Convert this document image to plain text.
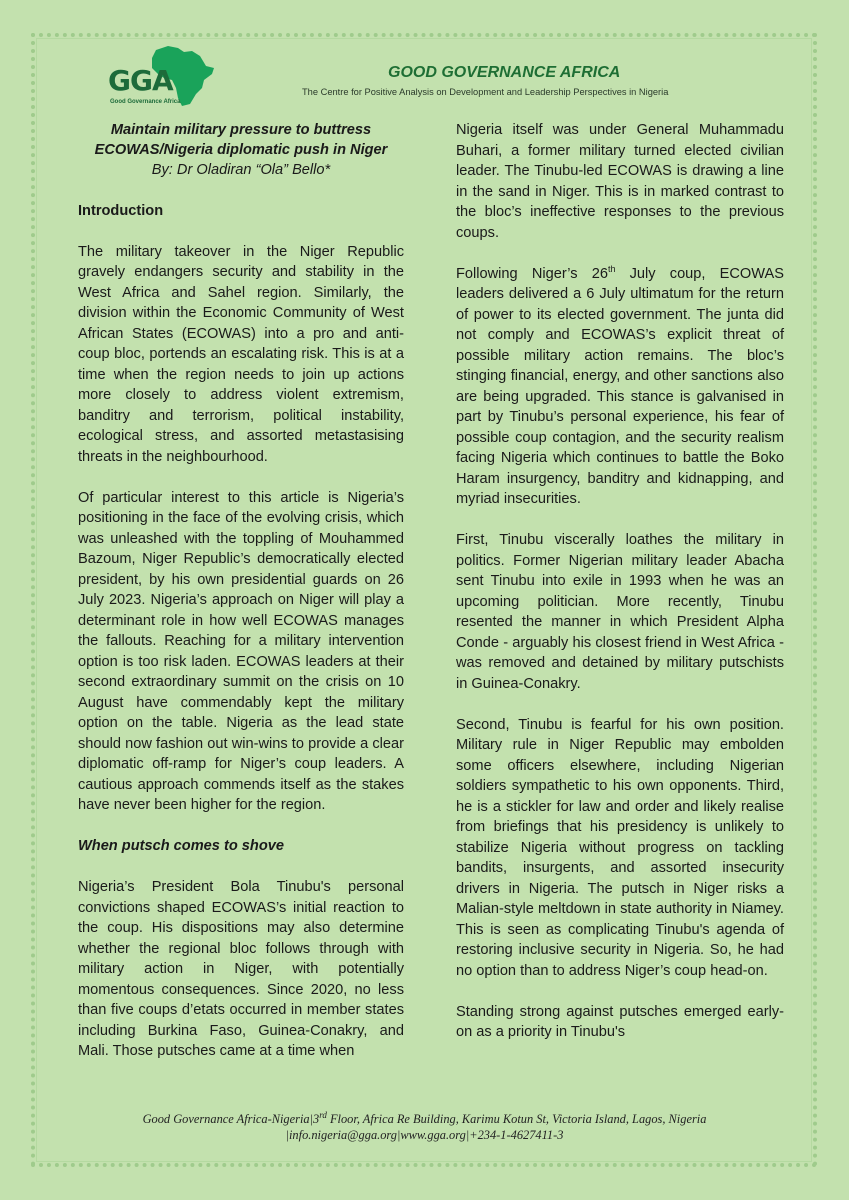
GGA
Good Governance Africa
GOOD GOVERNANCE AFRICA
The Centre for Positive Analysis on Development and Leadership Perspectives in Nigeria
Maintain military pressure to buttress
ECOWAS/Nigeria diplomatic push in Niger
By: Dr Oladiran “Ola” Bello*

Introduction

The military takeover in the Niger Republic gravely endangers security and stability in the West Africa and Sahel region. Similarly, the division within the Economic Community of West African States (ECOWAS) into a pro and anti-coup bloc, portends an escalating risk. This is at a time when the region needs to join up actions more closely to address violent extremism, banditry and terrorism, political instability, ecological stress, and assorted metastasising threats in the neighbourhood.

Of particular interest to this article is Nigeria’s positioning in the face of the evolving crisis, which was unleashed with the toppling of Mouhammed Bazoum, Niger Republic’s democratically elected president, by his own presidential guards on 26 July 2023. Nigeria’s approach on Niger will play a determinant role in how well ECOWAS manages the fallouts. Reaching for a military intervention option is too risk laden. ECOWAS leaders at their second extraordinary summit on the crisis on 10 August have commendably kept the military option on the table. Nigeria as the lead state should now fashion out win-wins to provide a clear diplomatic off-ramp for Niger’s coup leaders. A cautious approach commends itself as the stakes have never been higher for the region.

When putsch comes to shove

Nigeria’s President Bola Tinubu's personal convictions shaped ECOWAS’s initial reaction to the coup. His dispositions may also determine whether the regional bloc follows through with military action in Niger, with potentially momentous consequences. Since 2020, no less than five coups d’etats occurred in member states including Burkina Faso, Guinea-Conakry, and Mali. Those putsches came at a time when

Nigeria itself was under General Muhammadu Buhari, a former military turned elected civilian leader. The Tinubu-led ECOWAS is drawing a line in the sand in Niger. This is in marked contrast to the bloc’s ineffective responses to the previous coups.

Following Niger’s 26th July coup, ECOWAS leaders delivered a 6 July ultimatum for the return of power to its elected government. The junta did not comply and ECOWAS’s explicit threat of possible military action remains. The bloc’s stinging financial, energy, and other sanctions also are being upgraded. This stance is galvanised in part by Tinubu’s personal experience, his fear of possible coup contagion, and the security realism facing Nigeria which continues to battle the Boko Haram insurgency, banditry and kidnapping, and myriad insecurities.

First, Tinubu viscerally loathes the military in politics. Former Nigerian military leader Abacha sent Tinubu into exile in 1993 when he was an upcoming politician. More recently, Tinubu resented the manner in which President Alpha Conde - arguably his closest friend in West Africa - was removed and detained by military putschists in Guinea-Conakry.

Second, Tinubu is fearful for his own position. Military rule in Niger Republic may embolden some officers elsewhere, including Nigerian soldiers sympathetic to his own opponents. Third, he is a stickler for law and order and likely realise from briefings that his presidency is unlikely to stabilize Nigeria without progress on tackling bandits, insurgents, and assorted insecurity drivers in Nigeria. The putsch in Niger risks a Malian-style meltdown in state authority in Niamey. This is seen as complicating Tinubu's agenda of restoring inclusive security in Nigeria. So, he had no option than to address Niger’s coup head-on.

Standing strong against putsches emerged early-on as a priority in Tinubu's

Good Governance Africa-Nigeria|3rd Floor, Africa Re Building, Karimu Kotun St, Victoria Island, Lagos, Nigeria
|info.nigeria@gga.org|www.gga.org|+234-1-4627411-3
